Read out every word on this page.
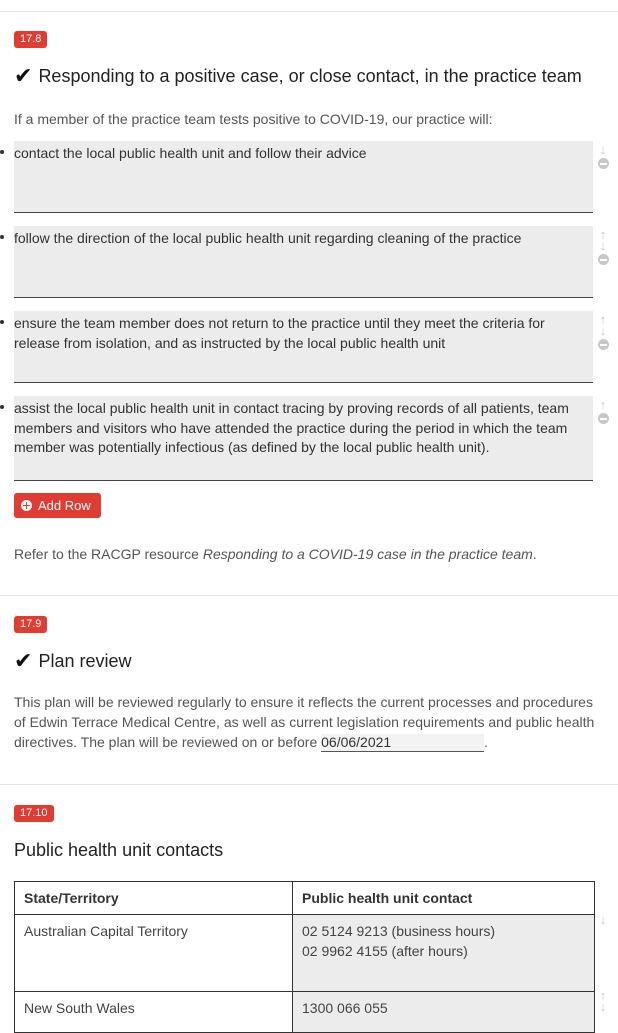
17.8
✔ Responding to a positive case, or close contact, in the practice team
If a member of the practice team tests positive to COVID-19, our practice will:
contact the local public health unit and follow their advice	↓
follow the direction of the local public health unit regarding cleaning of the practice	↑
↓
ensure the team member does not return to the practice until they meet the criteria for release from isolation, and as instructed by the local public health unit
↑
↓
assist the local public health unit in contact tracing by proving records of all patients, team members and visitors who have attended the practice during the period in which the team member was potentially infectious (as defined by the local public health unit).
↑
Add Row
Refer to the RACGP resource Responding to a COVID-19 case in the practice team.
17.9
✔ Plan review
This plan will be reviewed regularly to ensure it reflects the current processes and procedures of Edwin Terrace Medical Centre, as well as current legislation requirements and public health directives. The plan will be reviewed on or before 06/06/2021	.
17.10
Public health unit contacts
State/Territory	Public health unit contact
Australian Capital Territory	02 5124 9213 (business hours)
02 9962 4155 (after hours)
New South Wales	1300 066 055
↓
↑
↓
